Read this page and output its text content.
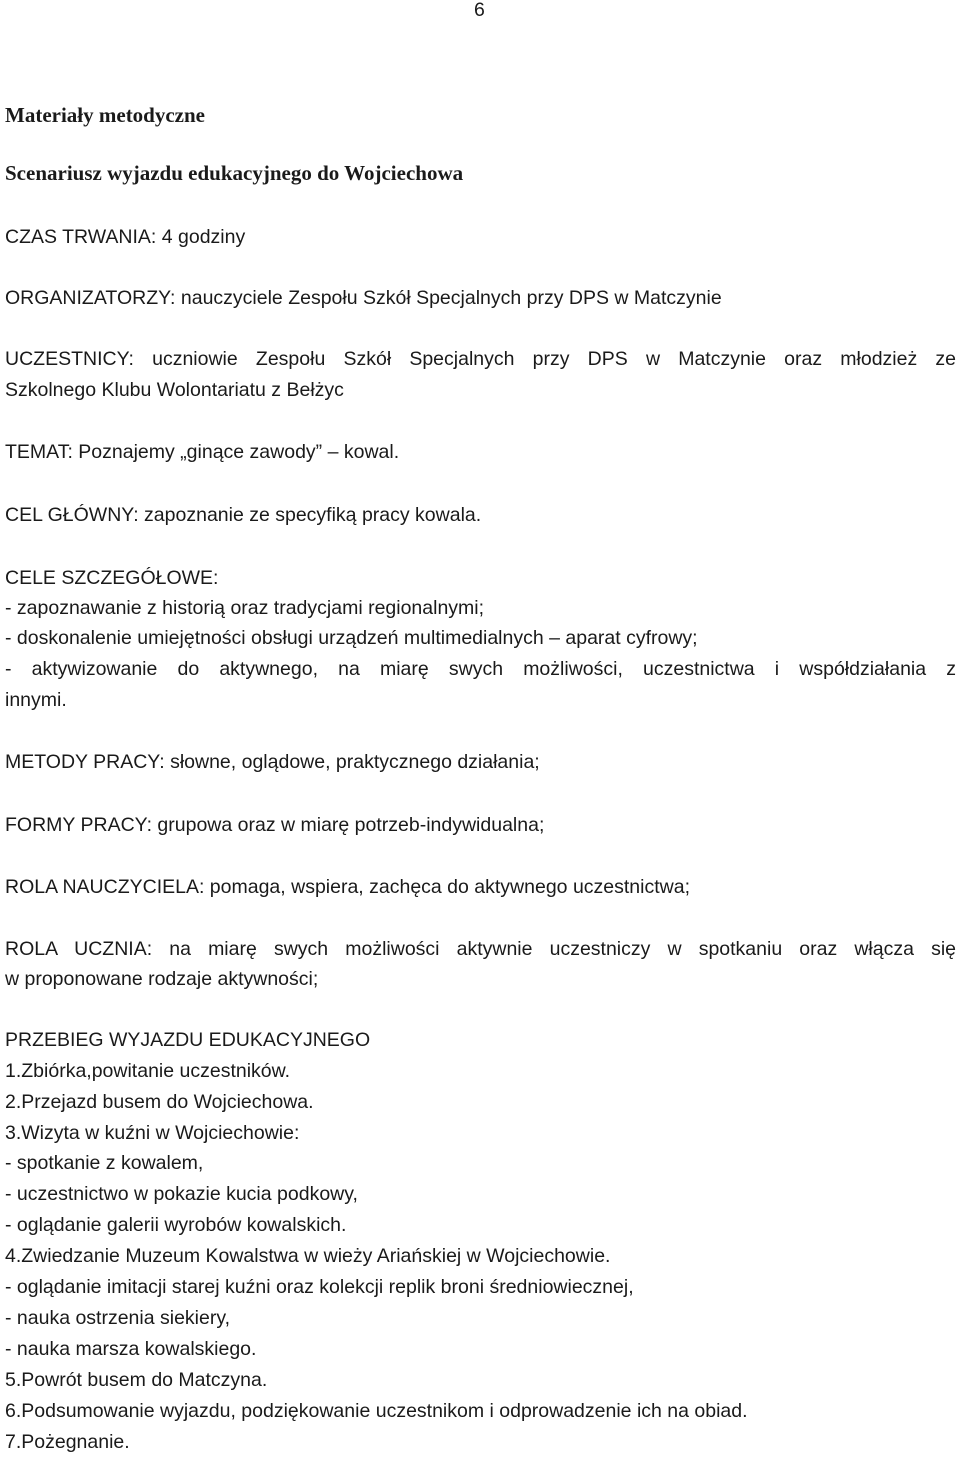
6
Materiały metodyczne
Scenariusz wyjazdu edukacyjnego do Wojciechowa
CZAS TRWANIA: 4 godziny
ORGANIZATORZY: nauczyciele Zespołu Szkół Specjalnych przy DPS w Matczynie
UCZESTNICY: uczniowie Zespołu Szkół Specjalnych przy DPS w Matczynie oraz młodzież ze
Szkolnego Klubu Wolontariatu z Bełżyc
TEMAT: Poznajemy „ginące zawody” – kowal.
CEL GŁÓWNY: zapoznanie ze specyfiką pracy kowala.
CELE SZCZEGÓŁOWE:
- zapoznawanie z historią oraz tradycjami regionalnymi;
- doskonalenie umiejętności obsługi urządzeń multimedialnych – aparat cyfrowy;
- aktywizowanie do aktywnego, na miarę swych możliwości, uczestnictwa i współdziałania z
innymi.
METODY PRACY: słowne, oglądowe, praktycznego działania;
FORMY PRACY: grupowa oraz w miarę potrzeb-indywidualna;
ROLA NAUCZYCIELA: pomaga, wspiera, zachęca do aktywnego uczestnictwa;
ROLA UCZNIA: na miarę swych możliwości aktywnie uczestniczy w spotkaniu oraz włącza się
w proponowane rodzaje aktywności;
PRZEBIEG WYJAZDU EDUKACYJNEGO
1.Zbiórka,powitanie uczestników.
2.Przejazd busem do Wojciechowa.
3.Wizyta w kuźni w Wojciechowie:
- spotkanie z kowalem,
- uczestnictwo w pokazie kucia podkowy,
- oglądanie galerii wyrobów kowalskich.
4.Zwiedzanie Muzeum Kowalstwa w wieży Ariańskiej w Wojciechowie.
- oglądanie imitacji starej kuźni oraz kolekcji replik broni średniowiecznej,
- nauka ostrzenia siekiery,
- nauka marsza kowalskiego.
5.Powrót busem do Matczyna.
6.Podsumowanie wyjazdu, podziękowanie uczestnikom i odprowadzenie ich na obiad.
7.Pożegnanie.
